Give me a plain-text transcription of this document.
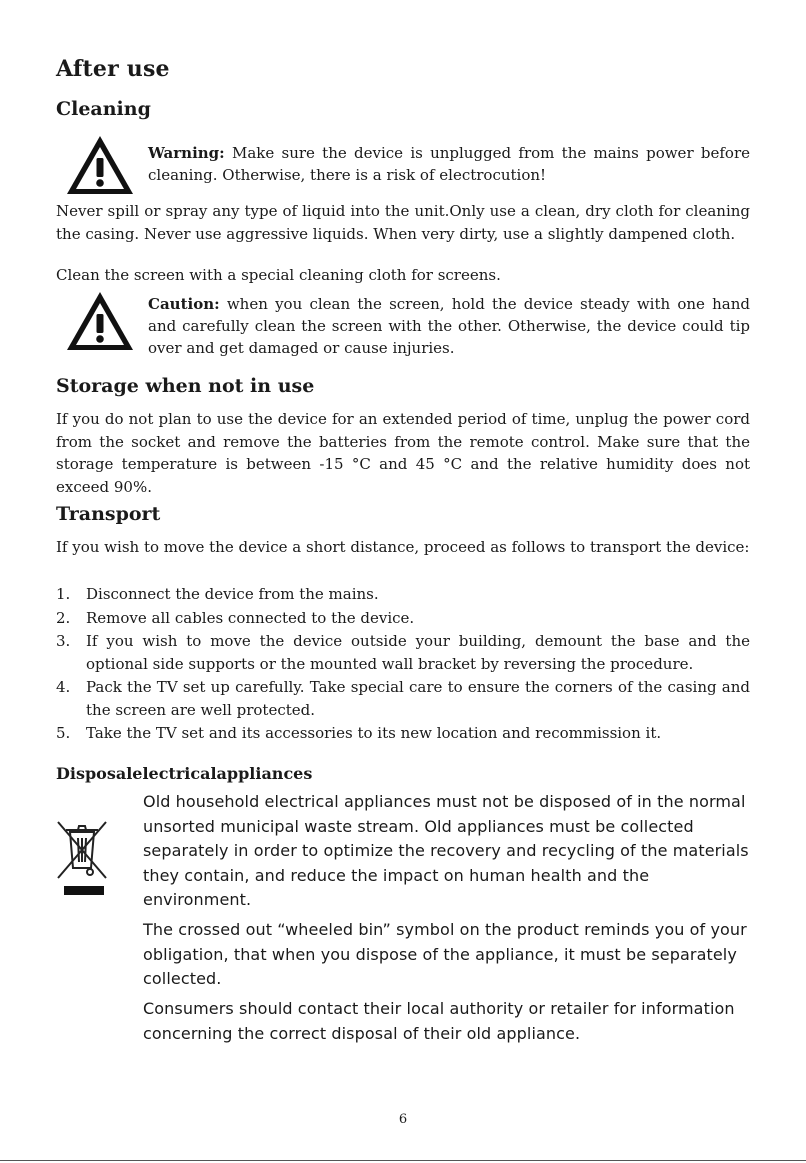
After use
Cleaning

Warning: Make sure the device is unplugged from the mains power before cleaning. Otherwise, there is a risk of electrocution!

Never spill or spray any type of liquid into the unit.Only use a clean, dry cloth for cleaning the casing. Never use aggressive liquids. When very dirty, use a slightly dampened cloth.

Clean the screen with a special cleaning cloth for screens.

Caution: when you clean the screen, hold the device steady with one hand and carefully clean the screen with the other. Otherwise, the device could tip over and get damaged or cause injuries.

Storage when not in use

If you do not plan to use the device for an extended period of time, unplug the power cord from the socket and remove the batteries from the remote control. Make sure that the storage temperature is between -15 °C and 45 °C and the relative humidity does not exceed 90%.

Transport

If you wish to move the device a short distance, proceed as follows to transport the device:

1. Disconnect the device from the mains.
2. Remove all cables connected to the device.
3. If you wish to move the device outside your building, demount the base and the optional side supports or the mounted wall bracket by reversing the procedure.
4. Pack the TV set up carefully. Take special care to ensure the corners of the casing and the screen are well protected.
5. Take the TV set and its accessories to its new location and recommission it.
Disposalelectricalappliances

Old household electrical appliances must not be disposed of in the normal unsorted municipal waste stream. Old appliances must be collected separately in order to optimize the recovery and recycling of the materials they contain, and reduce the impact on human health and the environment.

The crossed out “wheeled bin” symbol on the product reminds you of your obligation, that when you dispose of the appliance, it must be separately collected.

Consumers should contact their local authority or retailer for information concerning the correct disposal of their old appliance.

6
